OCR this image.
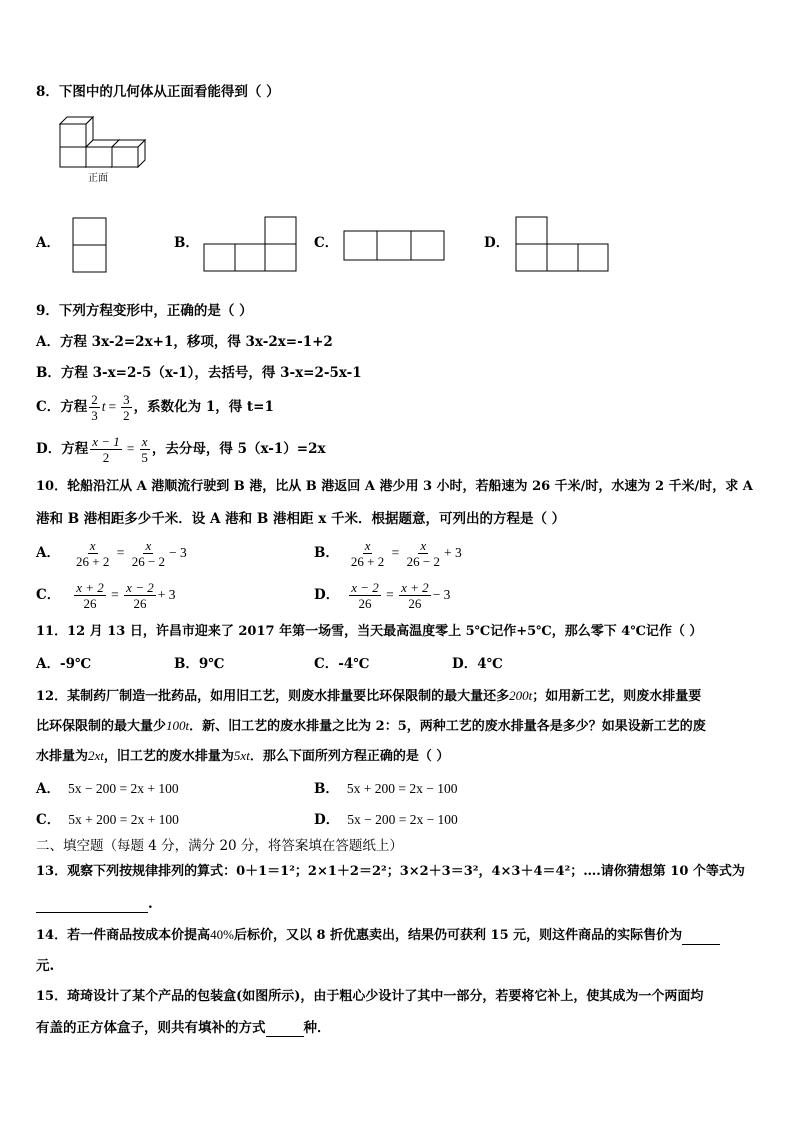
8．下图中的几何体从正面看能得到（ ）
正面
A．	B．	C．	D．
9．下列方程变形中，正确的是（ ）
A．方程 3x-2=2x+1，移项，得 3x-2x=-1+2
B．方程 3-x=2-5（x-1），去括号，得 3-x=2-5x-1
C．方程 $\frac{2}{3}$ $t = \frac{3}{2}$ ，系数化为 1，得 t=1
D．方程 $\frac{x - 1}{2} = \frac{x}{5}$ ，去分母，得 5（x-1）=2x
10．轮船沿江从 A 港顺流行驶到 B 港，比从 B 港返回 A 港少用 3 小时，若船速为 26 千米/时，水速为 2 千米/时，求 A
港和 B 港相距多少千米．设 A 港和 B 港相距 x 千米．根据题意，可列出的方程是（ ）
A． $\frac{x}{26 + 2} = \frac{x}{26 - 2} - 3$	B． $\frac{x}{26 + 2} = \frac{x}{26 - 2} + 3$
C． $\frac{x + 2}{26} = \frac{x - 2}{26} + 3$	D． $\frac{x - 2}{26} = \frac{x + 2}{26} - 3$
11．12 月 13 日，许昌市迎来了 2017 年第一场雪，当天最高温度零上 5℃记作+5℃，那么零下 4℃记作（ ）
A．-9℃	B．9℃	C．-4℃	D．4℃
12．某制药厂制造一批药品，如用旧工艺，则废水排量要比环保限制的最大量还多200t；如用新工艺，则废水排量要
比环保限制的最大量少100t．新、旧工艺的废水排量之比为 2：5，两种工艺的废水排量各是多少？如果设新工艺的废
水排量为2xt，旧工艺的废水排量为5xt．那么下面所列方程正确的是（ ）
A． 5x − 200 = 2x + 100	B． 5x + 200 = 2x − 100
C． 5x + 200 = 2x + 100	D． 5x − 200 = 2x − 100
二、填空题（每题 4 分，满分 20 分，将答案填在答题纸上）
13．观察下列按规律排列的算式：0＋1＝1²；2×1＋2＝2²；3×2＋3＝3²，4×3＋4＝4²；….请你猜想第 10 个等式为
.
14．若一件商品按成本价提高40%后标价，又以 8 折优惠卖出，结果仍可获利 15 元，则这件商品的实际售价为
元.
15．琦琦设计了某个产品的包装盒(如图所示)，由于粗心少设计了其中一部分，若要将它补上，使其成为一个两面均
有盖的正方体盒子，则共有填补的方式	种．
